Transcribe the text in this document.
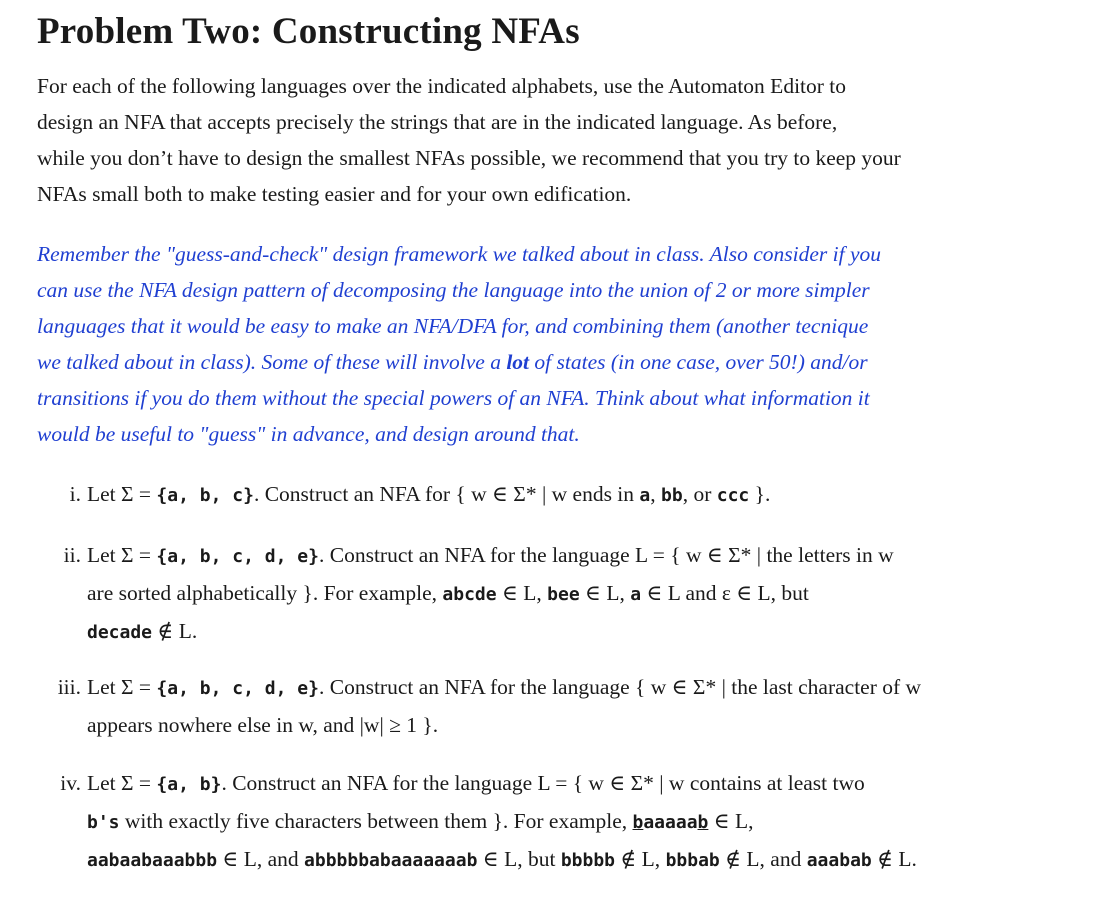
Problem Two: Constructing NFAs

For each of the following languages over the indicated alphabets, use the Automaton Editor to
design an NFA that accepts precisely the strings that are in the indicated language. As before,
while you don’t have to design the smallest NFAs possible, we recommend that you try to keep your
NFAs small both to make testing easier and for your own edification.

Remember the "guess-and-check" design framework we talked about in class. Also consider if you
can use the NFA design pattern of decomposing the language into the union of 2 or more simpler
languages that it would be easy to make an NFA/DFA for, and combining them (another tecnique
we talked about in class). Some of these will involve a lot of states (in one case, over 50!) and/or
transitions if you do them without the special powers of an NFA. Think about what information it
would be useful to "guess" in advance, and design around that.

i. Let Σ = {a, b, c}. Construct an NFA for { w ∈ Σ* | w ends in a, bb, or ccc }.
ii. Let Σ = {a, b, c, d, e}. Construct an NFA for the language L = { w ∈ Σ* | the letters in w
are sorted alphabetically }. For example, abcde ∈ L, bee ∈ L, a ∈ L and ε ∈ L, but
decade ∉ L.
iii. Let Σ = {a, b, c, d, e}. Construct an NFA for the language { w ∈ Σ* | the last character of w
appears nowhere else in w, and |w| ≥ 1 }.
iv. Let Σ = {a, b}. Construct an NFA for the language L = { w ∈ Σ* | w contains at least two
b's with exactly five characters between them }. For example, baaaaab ∈ L,
aabaabaaabbb ∈ L, and abbbbbabaaaaaaab ∈ L, but bbbbb ∉ L, bbbab ∉ L, and aaabab ∉ L.
